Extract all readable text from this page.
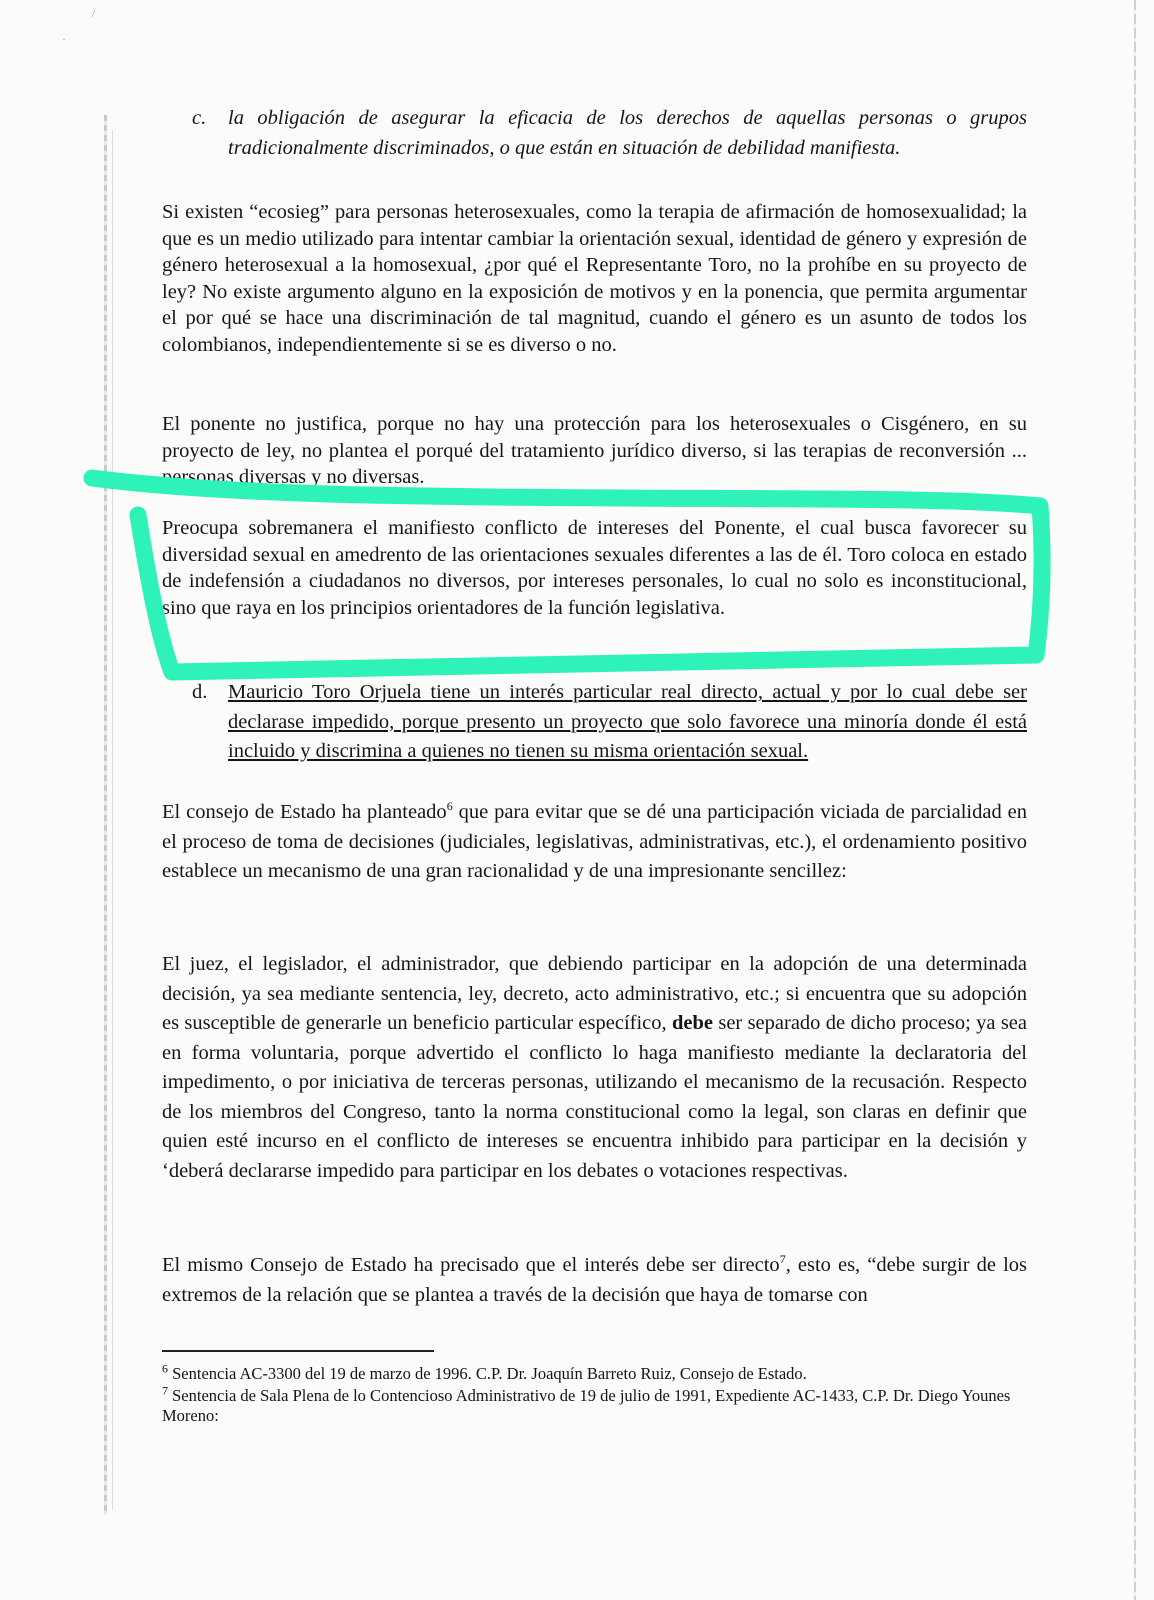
/
·
c. la obligación de asegurar la eficacia de los derechos de aquellas personas o grupos tradicionalmente discriminados, o que están en situación de debilidad manifiesta.

Si existen “ecosieg” para personas heterosexuales, como la terapia de afirmación de homosexualidad; la que es un medio utilizado para intentar cambiar la orientación sexual, identidad de género y expresión de género heterosexual a la homosexual, ¿por qué el Representante Toro, no la prohíbe en su proyecto de ley? No existe argumento alguno en la exposición de motivos y en la ponencia, que permita argumentar el por qué se hace una discriminación de tal magnitud, cuando el género es un asunto de todos los colombianos, independientemente si se es diverso o no.

El ponente no justifica, porque no hay una protección para los heterosexuales o Cisgénero, en su proyecto de ley, no plantea el porqué del tratamiento jurídico diverso, si las terapias de reconversión ... personas diversas y no diversas.

Preocupa sobremanera el manifiesto conflicto de intereses del Ponente, el cual busca favorecer su diversidad sexual en amedrento de las orientaciones sexuales diferentes a las de él. Toro coloca en estado de indefensión a ciudadanos no diversos, por intereses personales, lo cual no solo es inconstitucional, sino que raya en los principios orientadores de la función legislativa.

d. Mauricio Toro Orjuela tiene un interés particular real directo, actual y por lo cual debe ser declarase impedido, porque presento un proyecto que solo favorece una minoría donde él está incluido y discrimina a quienes no tienen su misma orientación sexual.

El consejo de Estado ha planteado$^6$ que para evitar que se dé una participación viciada de parcialidad en el proceso de toma de decisiones (judiciales, legislativas, administrativas, etc.), el ordenamiento positivo establece un mecanismo de una gran racionalidad y de una impresionante sencillez:

El juez, el legislador, el administrador, que debiendo participar en la adopción de una determinada decisión, ya sea mediante sentencia, ley, decreto, acto administrativo, etc.; si encuentra que su adopción es susceptible de generarle un beneficio particular específico, debe ser separado de dicho proceso; ya sea en forma voluntaria, porque advertido el conflicto lo haga manifiesto mediante la declaratoria del impedimento, o por iniciativa de terceras personas, utilizando el mecanismo de la recusación. Respecto de los miembros del Congreso, tanto la norma constitucional como la legal, son claras en definir que quien esté incurso en el conflicto de intereses se encuentra inhibido para participar en la decisión y ‘deberá declararse impedido para participar en los debates o votaciones respectivas.

El mismo Consejo de Estado ha precisado que el interés debe ser directo$^7$, esto es, “debe surgir de los extremos de la relación que se plantea a través de la decisión que haya de tomarse con

$^6$ Sentencia AC-3300 del 19 de marzo de 1996. C.P. Dr. Joaquín Barreto Ruiz, Consejo de Estado.

$^7$ Sentencia de Sala Plena de lo Contencioso Administrativo de 19 de julio de 1991, Expediente AC-1433, C.P. Dr. Diego Younes Moreno:
